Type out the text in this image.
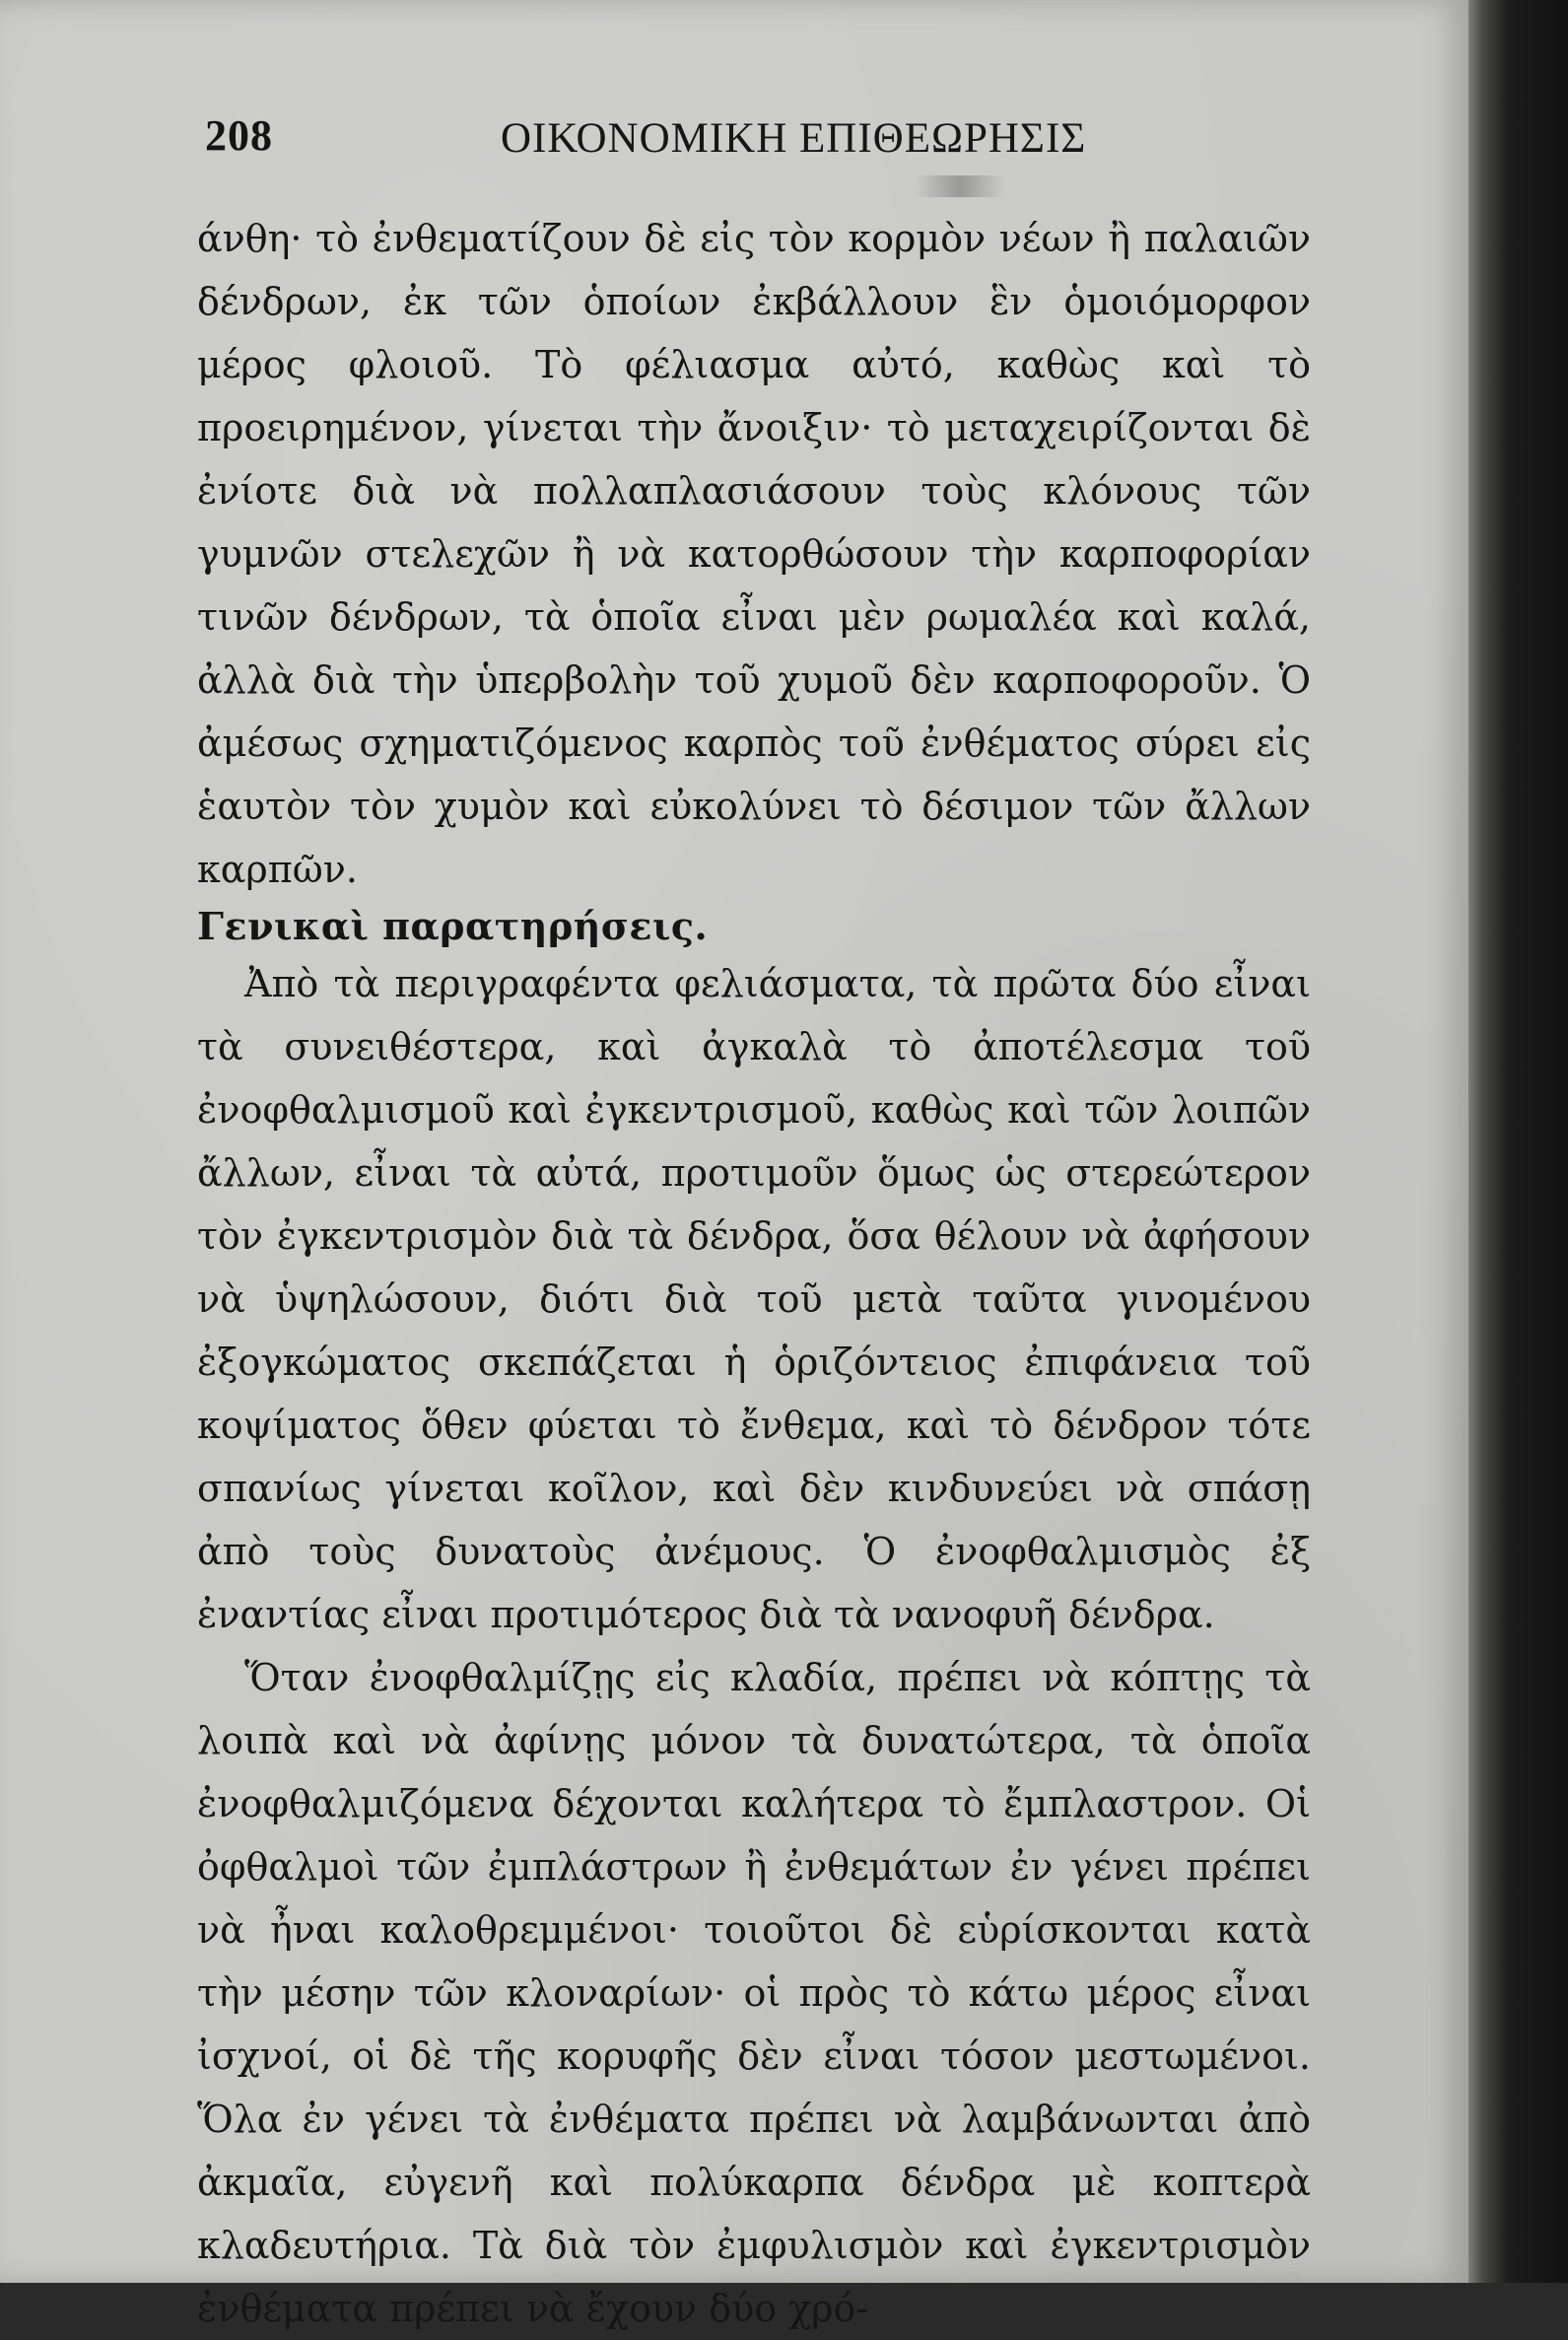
208	ΟΙΚΟΝΟΜΙΚΗ ΕΠΙΘΕΩΡΗΣΙΣ

άνθη· τὸ ἐνθεματίζουν δὲ εἰς τὸν κορμὸν νέων ἢ παλαιῶν δένδρων, ἐκ τῶν ὁποίων ἐκβάλλουν ἓν ὁμοιόμορφον μέρος φλοιοῦ. Τὸ φέλιασμα αὐτό, καθὼς καὶ τὸ προειρημένον, γίνεται τὴν ἄνοιξιν· τὸ μεταχειρίζονται δὲ ἐνίοτε διὰ νὰ πολλαπλασιάσουν τοὺς κλόνους τῶν γυμνῶν στελεχῶν ἢ νὰ κατορθώσουν τὴν καρποφορίαν τινῶν δένδρων, τὰ ὁποῖα εἶναι μὲν ρωμαλέα καὶ καλά, ἀλλὰ διὰ τὴν ὑπερβολὴν τοῦ χυμοῦ δὲν καρποφοροῦν. Ὁ ἀμέσως σχηματιζόμενος καρπὸς τοῦ ἐνθέματος σύρει εἰς ἑαυτὸν τὸν χυμὸν καὶ εὐκολύνει τὸ δέσιμον τῶν ἄλλων καρπῶν.

Γενικαὶ παρατηρήσεις.

Ἀπὸ τὰ περιγραφέντα φελιάσματα, τὰ πρῶτα δύο εἶναι τὰ συνειθέστερα, καὶ ἀγκαλὰ τὸ ἀποτέλεσμα τοῦ ἐνοφθαλμισμοῦ καὶ ἐγκεντρισμοῦ, καθὼς καὶ τῶν λοιπῶν ἄλλων, εἶναι τὰ αὐτά, προτιμοῦν ὅμως ὡς στερεώτερον τὸν ἐγκεντρισμὸν διὰ τὰ δένδρα, ὅσα θέλουν νὰ ἀφήσουν νὰ ὑψηλώσουν, διότι διὰ τοῦ μετὰ ταῦτα γινομένου ἐξογκώματος σκεπάζεται ἡ ὁριζόντειος ἐπιφάνεια τοῦ κοψίματος ὅθεν φύεται τὸ ἔνθεμα, καὶ τὸ δένδρον τότε σπανίως γίνεται κοῖλον, καὶ δὲν κινδυνεύει νὰ σπάσῃ ἀπὸ τοὺς δυνατοὺς ἀνέμους. Ὁ ἐνοφθαλμισμὸς ἐξ ἐναντίας εἶναι προτιμότερος διὰ τὰ νανοφυῆ δένδρα.

Ὅταν ἐνοφθαλμίζῃς εἰς κλαδία, πρέπει νὰ κόπτῃς τὰ λοιπὰ καὶ νὰ ἀφίνῃς μόνον τὰ δυνατώτερα, τὰ ὁποῖα ἐνοφθαλμιζόμενα δέχονται καλήτερα τὸ ἔμπλαστρον. Οἱ ὀφθαλμοὶ τῶν ἐμπλάστρων ἢ ἐνθεμάτων ἐν γένει πρέπει νὰ ἦναι καλοθρεμμένοι· τοιοῦτοι δὲ εὑρίσκονται κατὰ τὴν μέσην τῶν κλοναρίων· οἱ πρὸς τὸ κάτω μέρος εἶναι ἰσχνοί, οἱ δὲ τῆς κορυφῆς δὲν εἶναι τόσον μεστωμένοι. Ὅλα ἐν γένει τὰ ἐνθέματα πρέπει νὰ λαμβάνωνται ἀπὸ ἀκμαῖα, εὐγενῆ καὶ πολύκαρπα δένδρα μὲ κοπτερὰ κλαδευτήρια. Τὰ διὰ τὸν ἐμφυλισμὸν καὶ ἐγκεντρισμὸν ἐνθέματα πρέπει νὰ ἔχουν δύο χρό-
